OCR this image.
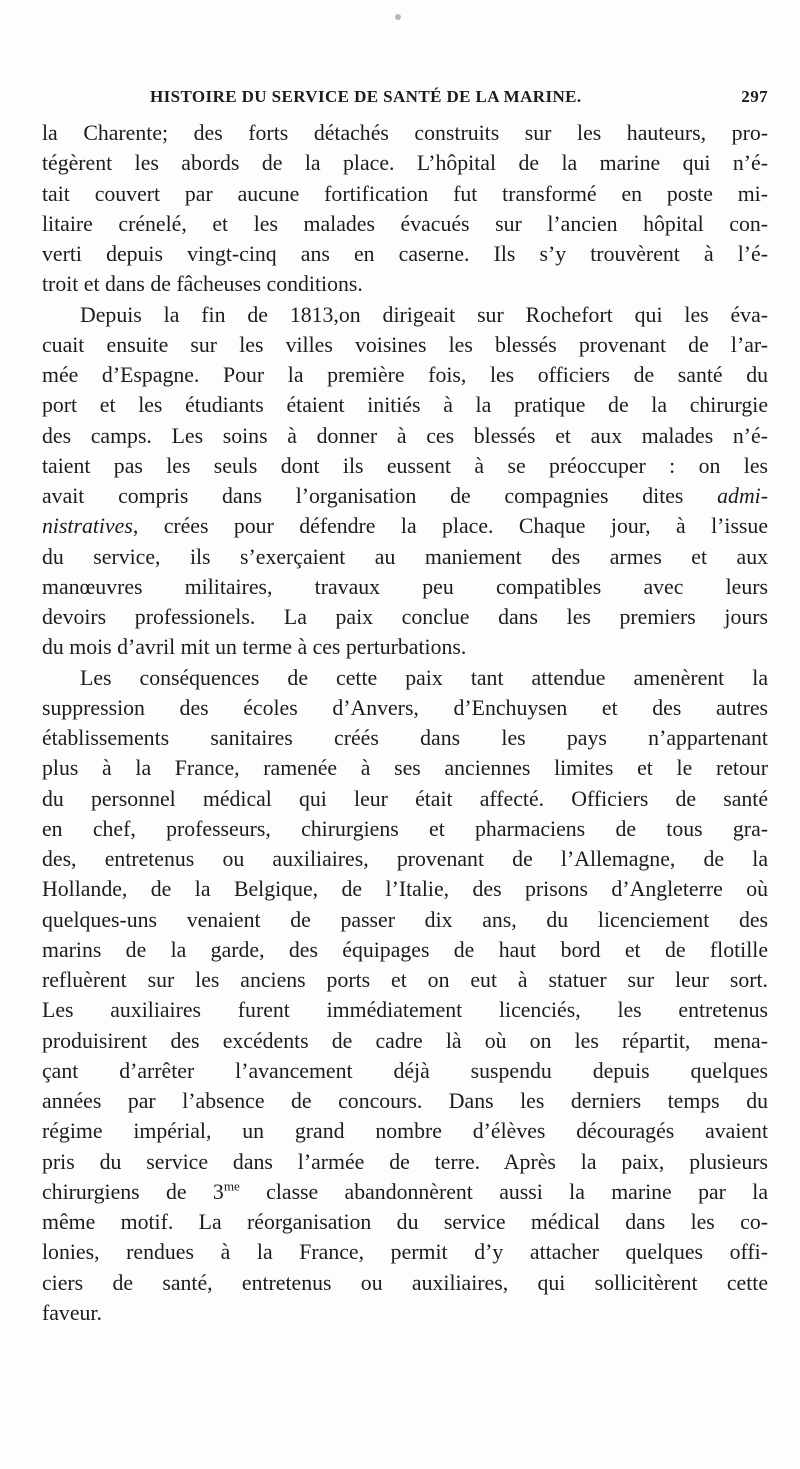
HISTOIRE DU SERVICE DE SANTÉ DE LA MARINE.	297
la Charente; des forts détachés construits sur les hauteurs, pro-
tégèrent les abords de la place. L’hôpital de la marine qui n’é-
tait couvert par aucune fortification fut transformé en poste mi-
litaire crénelé, et les malades évacués sur l’ancien hôpital con-
verti depuis vingt-cinq ans en caserne. Ils s’y trouvèrent à l’é-
troit et dans de fâcheuses conditions.
Depuis la fin de 1813,on dirigeait sur Rochefort qui les éva-
cuait ensuite sur les villes voisines les blessés provenant de l’ar-
mée d’Espagne. Pour la première fois, les officiers de santé du
port et les étudiants étaient initiés à la pratique de la chirurgie
des camps. Les soins à donner à ces blessés et aux malades n’é-
taient pas les seuls dont ils eussent à se préoccuper : on les
avait compris dans l’organisation de compagnies dites admi-
nistratives, crées pour défendre la place. Chaque jour, à l’issue
du service, ils s’exerçaient au maniement des armes et aux
manœuvres militaires, travaux peu compatibles avec leurs
devoirs professionels. La paix conclue dans les premiers jours
du mois d’avril mit un terme à ces perturbations.
Les conséquences de cette paix tant attendue amenèrent la
suppression des écoles d’Anvers, d’Enchuysen et des autres
établissements sanitaires créés dans les pays n’appartenant
plus à la France, ramenée à ses anciennes limites et le retour
du personnel médical qui leur était affecté. Officiers de santé
en chef, professeurs, chirurgiens et pharmaciens de tous gra-
des, entretenus ou auxiliaires, provenant de l’Allemagne, de la
Hollande, de la Belgique, de l’Italie, des prisons d’Angleterre où
quelques-uns venaient de passer dix ans, du licenciement des
marins de la garde, des équipages de haut bord et de flotille
refluèrent sur les anciens ports et on eut à statuer sur leur sort.
Les auxiliaires furent immédiatement licenciés, les entretenus
produisirent des excédents de cadre là où on les répartit, mena-
çant d’arrêter l’avancement déjà suspendu depuis quelques
années par l’absence de concours. Dans les derniers temps du
régime impérial, un grand nombre d’élèves découragés avaient
pris du service dans l’armée de terre. Après la paix, plusieurs
chirurgiens de $3^{me}$ classe abandonnèrent aussi la marine par la
même motif. La réorganisation du service médical dans les co-
lonies, rendues à la France, permit d’y attacher quelques offi-
ciers de santé, entretenus ou auxiliaires, qui sollicitèrent cette
faveur.
